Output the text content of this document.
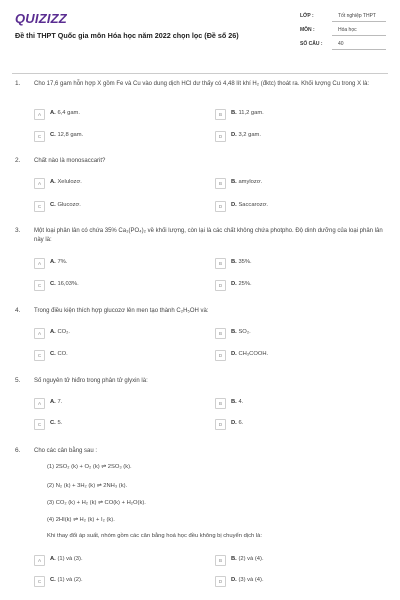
QUIZIZZ
Đề thi THPT Quốc gia môn Hóa học năm 2022 chọn lọc (Đề số 26)
LỚP :	Tốt nghiệp THPT
MÔN :	Hóa học
SỐ CÂU :	40
1. Cho 17,6 gam hỗn hợp X gồm Fe và Cu vào dung dịch HCl dư thấy có 4,48 lít khí H₂ (đktc) thoát ra. Khối lượng Cu trong X là:
A	A. 6,4 gam.	B	B. 11,2 gam.
C	C. 12,8 gam.	D	D. 3,2 gam.
2. Chất nào là monosaccarit?
A	A. Xelulozơ.	B	B. amylozơ.
C	C. Glucozơ.	D	D. Saccarozơ.
3. Một loại phân lân có chứa 35% Ca₃(PO₄)₂ về khối lượng, còn lại là các chất không chứa photpho. Độ dinh dưỡng của loại phân lân này là:
A	A. 7%.	B	B. 35%.
C	C. 16,03%.	D	D. 25%.
4. Trong điều kiện thích hợp glucozơ lên men tạo thành C₂H₅OH và:
A	A. CO₂.	B	B. SO₂.
C	C. CO.	D	D. CH₃COOH.
5. Số nguyên tử hiđro trong phân tử glyxin là:
A	A. 7.	B	B. 4.
C	C. 5.	D	D. 6.
6. Cho các cân bằng sau :
(1) 2SO₂ (k) + O₂ (k) ⇌ 2SO₃ (k).
(2) N₂ (k) + 3H₂ (k) ⇌ 2NH₃ (k).
(3) CO₂ (k) + H₂ (k) ⇌ CO(k) + H₂O(k).
(4) 2HI(k) ⇌ H₂ (k) + I₂ (k).
Khi thay đổi áp suất, nhóm gồm các cân bằng hoá học đều không bị chuyển dịch là:
A	A. (1) và (3).	B	B. (2) và (4).
C	C. (1) và (2).	D	D. (3) và (4).
